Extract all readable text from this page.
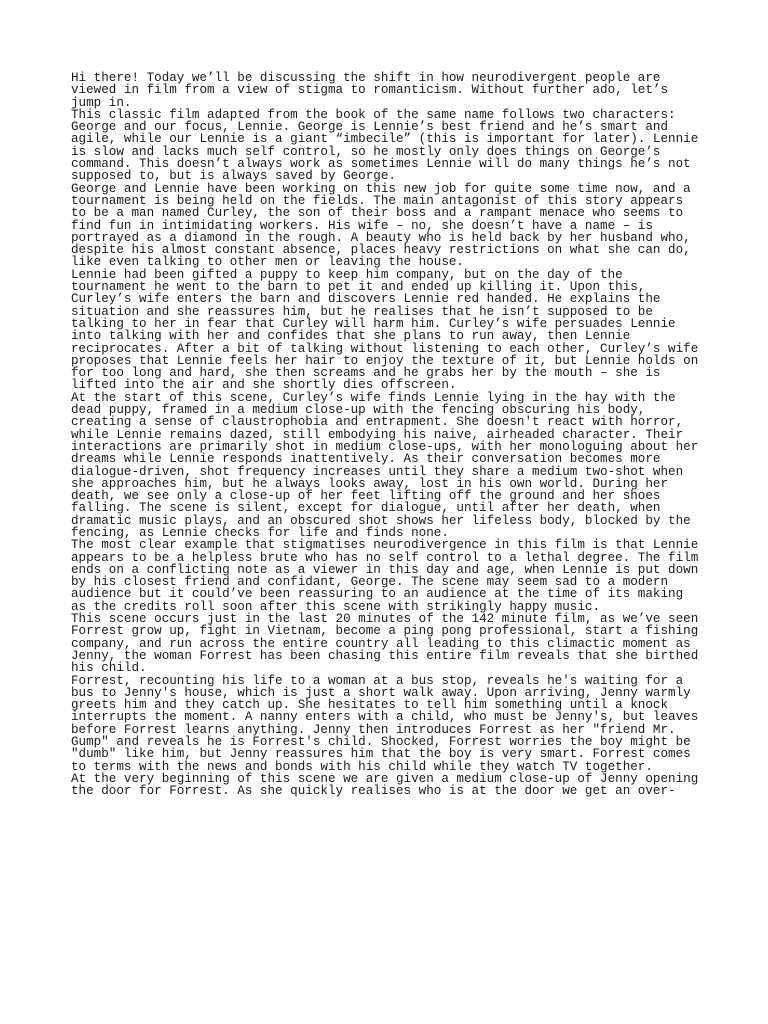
Hi there! Today we’ll be discussing the shift in how neurodivergent people are
viewed in film from a view of stigma to romanticism. Without further ado, let’s
jump in.
This classic film adapted from the book of the same name follows two characters:
George and our focus, Lennie. George is Lennie’s best friend and he’s smart and
agile, while our Lennie is a giant “imbecile” (this is important for later). Lennie
is slow and lacks much self control, so he mostly only does things on George’s
command. This doesn’t always work as sometimes Lennie will do many things he’s not
supposed to, but is always saved by George.
George and Lennie have been working on this new job for quite some time now, and a
tournament is being held on the fields. The main antagonist of this story appears
to be a man named Curley, the son of their boss and a rampant menace who seems to
find fun in intimidating workers. His wife – no, she doesn’t have a name – is
portrayed as a diamond in the rough. A beauty who is held back by her husband who,
despite his almost constant absence, places heavy restrictions on what she can do,
like even talking to other men or leaving the house.
Lennie had been gifted a puppy to keep him company, but on the day of the
tournament he went to the barn to pet it and ended up killing it. Upon this,
Curley’s wife enters the barn and discovers Lennie red handed. He explains the
situation and she reassures him, but he realises that he isn’t supposed to be
talking to her in fear that Curley will harm him. Curley’s wife persuades Lennie
into talking with her and confides that she plans to run away, then Lennie
reciprocates. After a bit of talking without listening to each other, Curley’s wife
proposes that Lennie feels her hair to enjoy the texture of it, but Lennie holds on
for too long and hard, she then screams and he grabs her by the mouth – she is
lifted into the air and she shortly dies offscreen.
At the start of this scene, Curley’s wife finds Lennie lying in the hay with the
dead puppy, framed in a medium close-up with the fencing obscuring his body,
creating a sense of claustrophobia and entrapment. She doesn't react with horror,
while Lennie remains dazed, still embodying his naive, airheaded character. Their
interactions are primarily shot in medium close-ups, with her monologuing about her
dreams while Lennie responds inattentively. As their conversation becomes more
dialogue-driven, shot frequency increases until they share a medium two-shot when
she approaches him, but he always looks away, lost in his own world. During her
death, we see only a close-up of her feet lifting off the ground and her shoes
falling. The scene is silent, except for dialogue, until after her death, when
dramatic music plays, and an obscured shot shows her lifeless body, blocked by the
fencing, as Lennie checks for life and finds none.
The most clear example that stigmatises neurodivergence in this film is that Lennie
appears to be a helpless brute who has no self control to a lethal degree. The film
ends on a conflicting note as a viewer in this day and age, when Lennie is put down
by his closest friend and confidant, George. The scene may seem sad to a modern
audience but it could’ve been reassuring to an audience at the time of its making
as the credits roll soon after this scene with strikingly happy music.
This scene occurs just in the last 20 minutes of the 142 minute film, as we’ve seen
Forrest grow up, fight in Vietnam, become a ping pong professional, start a fishing
company, and run across the entire country all leading to this climactic moment as
Jenny, the woman Forrest has been chasing this entire film reveals that she birthed
his child.
Forrest, recounting his life to a woman at a bus stop, reveals he's waiting for a
bus to Jenny's house, which is just a short walk away. Upon arriving, Jenny warmly
greets him and they catch up. She hesitates to tell him something until a knock
interrupts the moment. A nanny enters with a child, who must be Jenny's, but leaves
before Forrest learns anything. Jenny then introduces Forrest as her "friend Mr.
Gump" and reveals he is Forrest's child. Shocked, Forrest worries the boy might be
"dumb" like him, but Jenny reassures him that the boy is very smart. Forrest comes
to terms with the news and bonds with his child while they watch TV together.
At the very beginning of this scene we are given a medium close-up of Jenny opening
the door for Forrest. As she quickly realises who is at the door we get an over-
